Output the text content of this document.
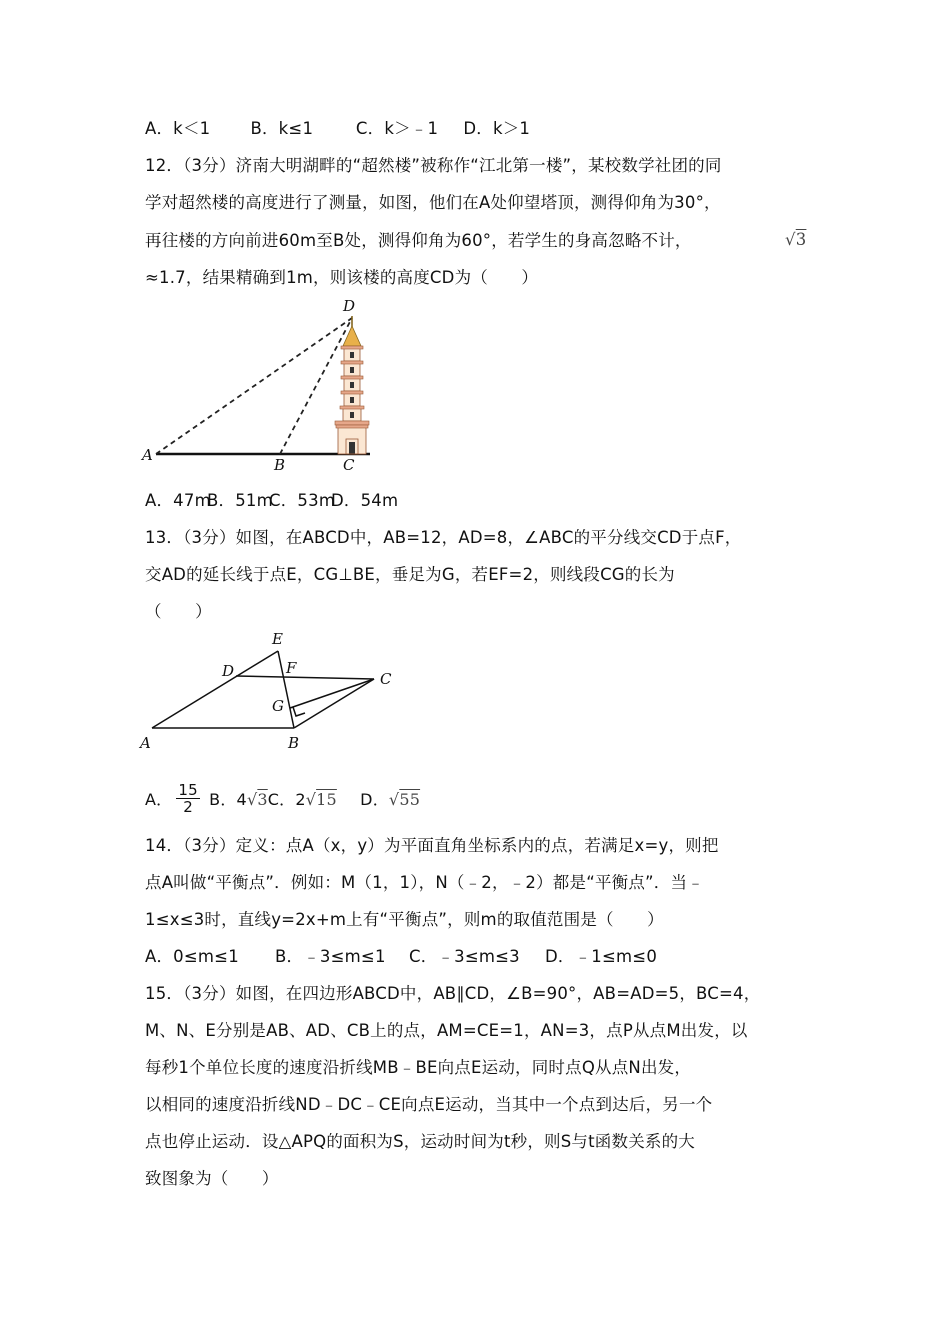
A．k＜1 B．k≤1	C．k＞﹣1 D．k＞1
12．（3分）济南大明湖畔的“超然楼”被称作“江北第一楼”，某校数学社团的同
学对超然楼的高度进行了测量，如图，他们在A处仰望塔顶，测得仰角为30°，
再往楼的方向前进60m至B处，测得仰角为60°，若学生的身高忽略不计，	√3
≈1.7，结果精确到1m，则该楼的高度CD为（　　）
A
B	C
D
A．47mB．51mC．53mD．54m
13．（3分）如图，在ABCD中，AB=12，AD=8，∠ABC的平分线交CD于点F，
交AD的延长线于点E，CG⊥BE，垂足为G，若EF=2，则线段CG的长为
（　　）
A	B
C
D
E
F
G
A． $\frac{15}{2}$ B．4√3C．2√15 D．√55
14．（3分）定义：点A（x，y）为平面直角坐标系内的点，若满足x=y，则把
点A叫做“平衡点”．例如：M（1，1），N（﹣2，﹣2）都是“平衡点”．当﹣
1≤x≤3时，直线y=2x+m上有“平衡点”，则m的取值范围是（　　）
A．0≤m≤1 B．﹣3≤m≤1 C．﹣3≤m≤3 D．﹣1≤m≤0
15．（3分）如图，在四边形ABCD中，AB∥CD，∠B=90°，AB=AD=5，BC=4，
M、N、E分别是AB、AD、CB上的点，AM=CE=1，AN=3，点P从点M出发，以
每秒1个单位长度的速度沿折线MB﹣BE向点E运动，同时点Q从点N出发，
以相同的速度沿折线ND﹣DC﹣CE向点E运动，当其中一个点到达后，另一个
点也停止运动．设△APQ的面积为S，运动时间为t秒，则S与t函数关系的大
致图象为（　　）
